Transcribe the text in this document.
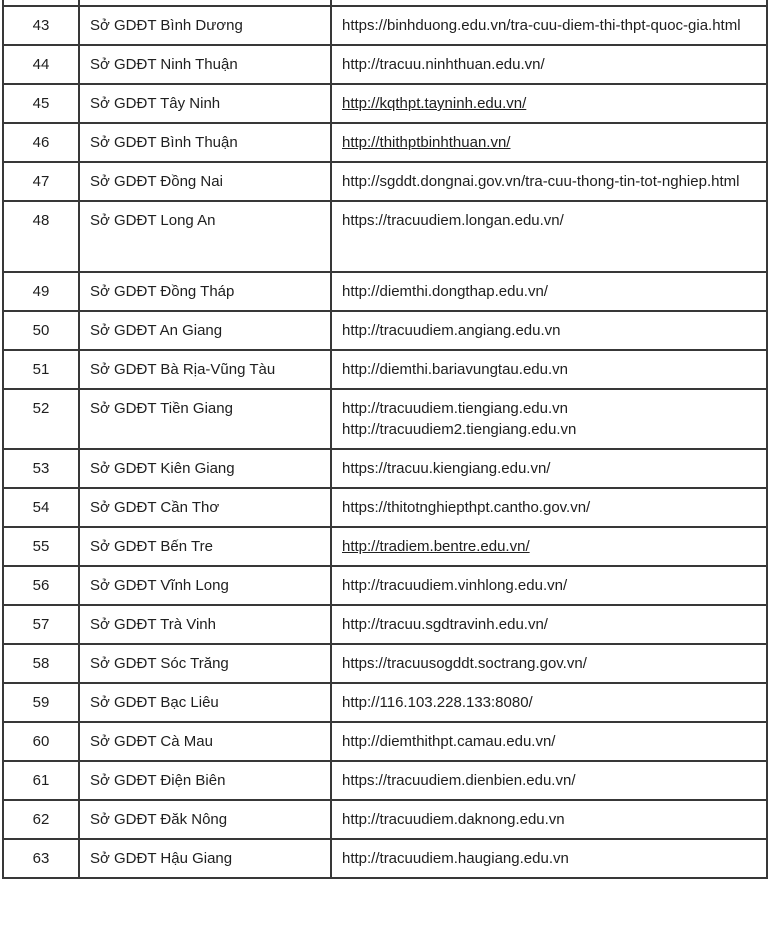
43	Sở GDĐT Bình Dương	https://binhduong.edu.vn/tra-cuu-diem-thi-thpt-quoc-gia.html

44	Sở GDĐT Ninh Thuận	http://tracuu.ninhthuan.edu.vn/

45	Sở GDĐT Tây Ninh	http://kqthpt.tayninh.edu.vn/

46	Sở GDĐT Bình Thuận	http://thithptbinhthuan.vn/

47	Sở GDĐT Đồng Nai	http://sgddt.dongnai.gov.vn/tra-cuu-thong-tin-tot-nghiep.html

48	Sở GDĐT Long An	https://tracuudiem.longan.edu.vn/

49	Sở GDĐT Đồng Tháp	http://diemthi.dongthap.edu.vn/

50	Sở GDĐT An Giang	http://tracuudiem.angiang.edu.vn

51	Sở GDĐT Bà Rịa-Vũng Tàu	http://diemthi.bariavungtau.edu.vn

52	Sở GDĐT Tiền Giang	http://tracuudiem.tiengiang.edu.vn
http://tracuudiem2.tiengiang.edu.vn

53	Sở GDĐT Kiên Giang	https://tracuu.kiengiang.edu.vn/

54	Sở GDĐT Cần Thơ	https://thitotnghiepthpt.cantho.gov.vn/

55	Sở GDĐT Bến Tre	http://tradiem.bentre.edu.vn/

56	Sở GDĐT Vĩnh Long	http://tracuudiem.vinhlong.edu.vn/

57	Sở GDĐT Trà Vinh	http://tracuu.sgdtravinh.edu.vn/

58	Sở GDĐT Sóc Trăng	https://tracuusogddt.soctrang.gov.vn/

59	Sở GDĐT Bạc Liêu	http://116.103.228.133:8080/

60	Sở GDĐT Cà Mau	http://diemthithpt.camau.edu.vn/

61	Sở GDĐT Điện Biên	https://tracuudiem.dienbien.edu.vn/

62	Sở GDĐT Đăk Nông	http://tracuudiem.daknong.edu.vn

63	Sở GDĐT Hậu Giang	http://tracuudiem.haugiang.edu.vn
